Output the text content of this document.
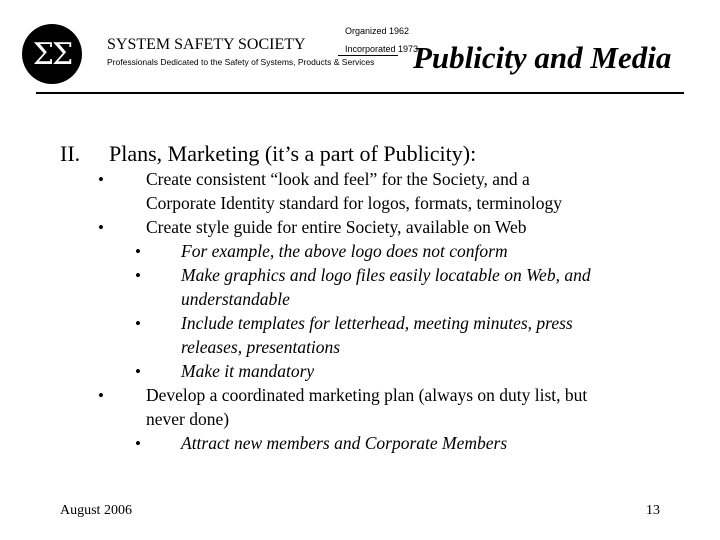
ΣΣ	SYSTEM SAFETY SOCIETY
Organized 1962
Incorporated 1973
Professionals Dedicated to the Safety of Systems, Products & Services Publicity and Media
II. Plans, Marketing (it’s a part of Publicity):
• Create consistent “look and feel” for the Society, and a
Corporate Identity standard for logos, formats, terminology
• Create style guide for entire Society, available on Web
• For example, the above logo does not conform
• Make graphics and logo files easily locatable on Web, and
understandable
• Include templates for letterhead, meeting minutes, press
releases, presentations
• Make it mandatory
• Develop a coordinated marketing plan (always on duty list, but
never done)
• Attract new members and Corporate Members
August 2006	13
